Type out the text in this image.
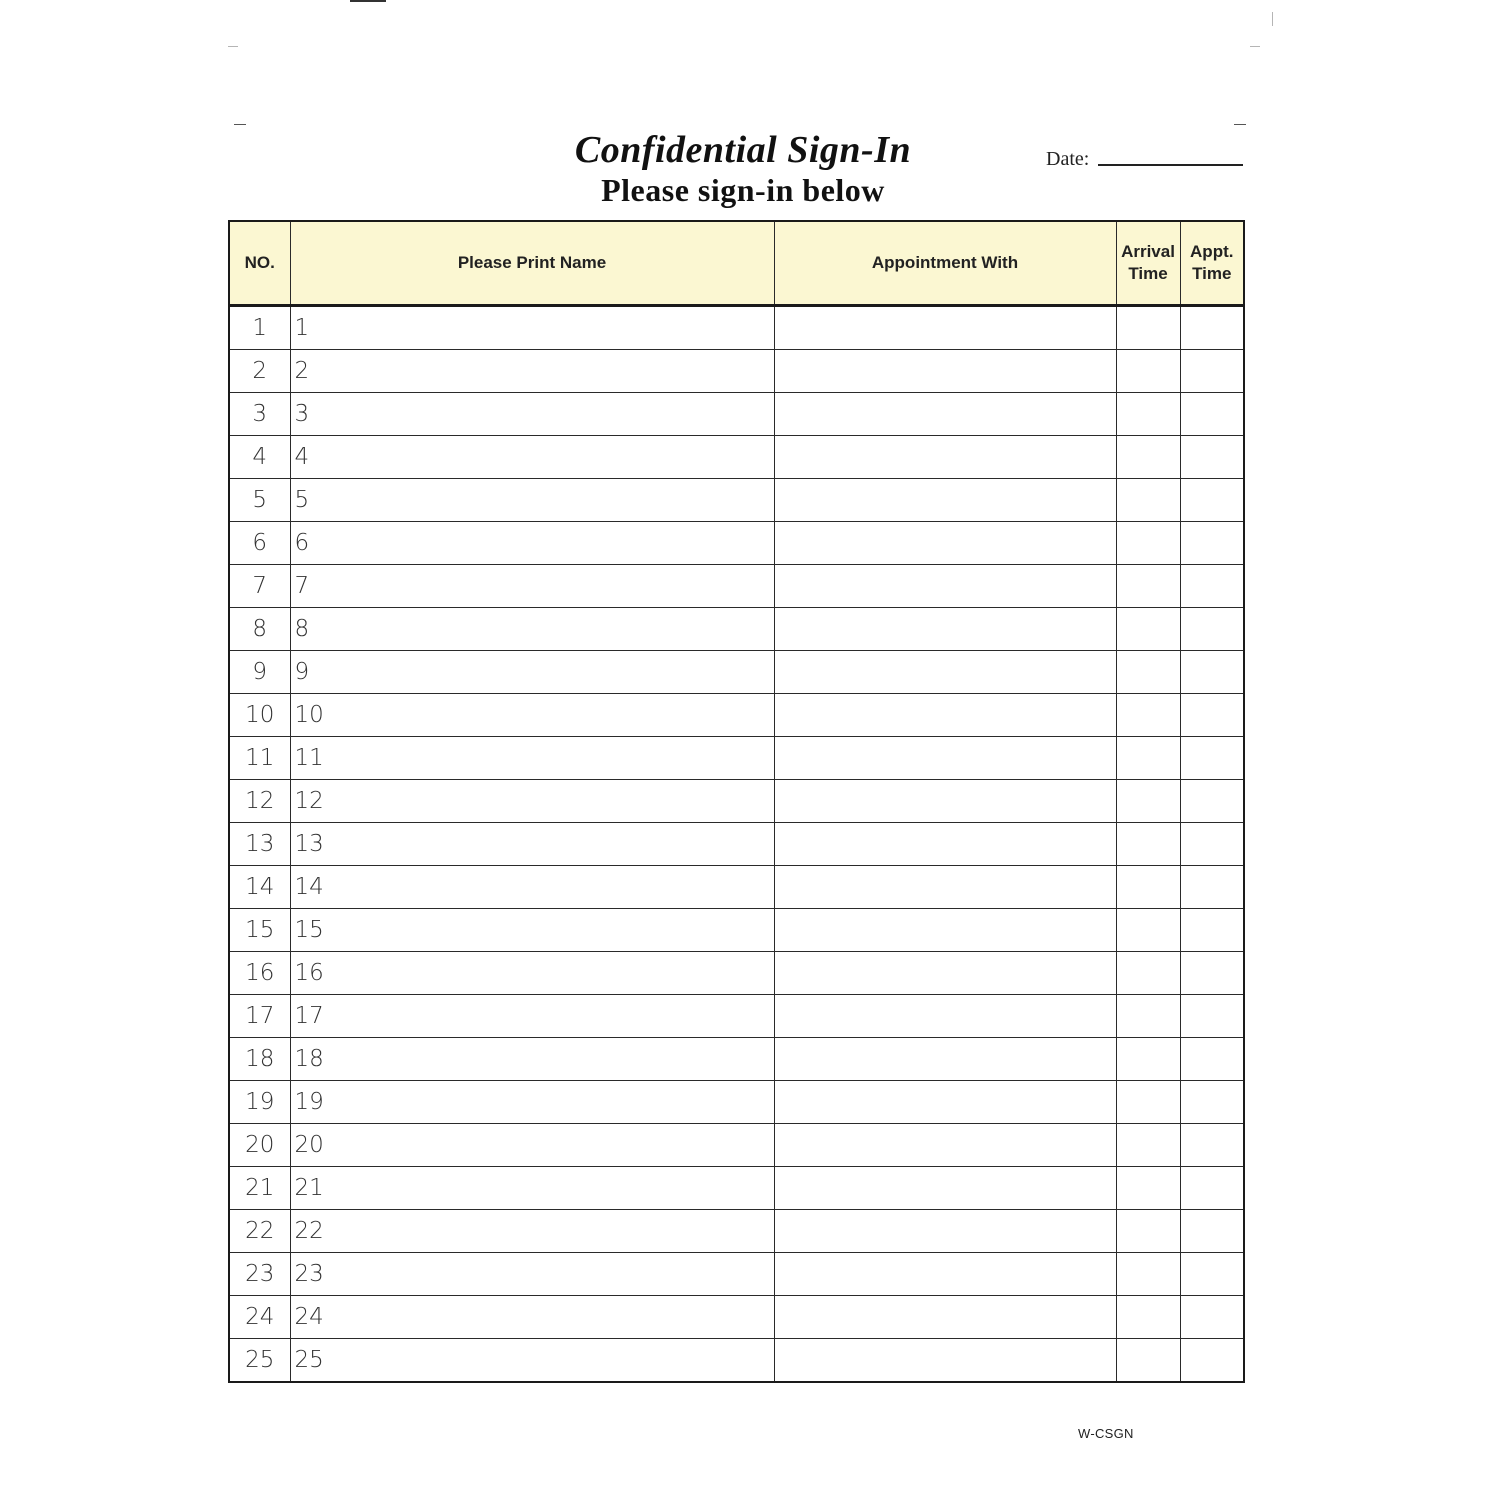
Confidential Sign-In
Please sign-in below
Date:
NO.	Please Print Name	Appointment With	Arrival Time	Appt. Time
1	1			
2	2			
3	3			
4	4			
5	5			
6	6			
7	7			
8	8			
9	9			
10	10			
11	11			
12	12			
13	13			
14	14			
15	15			
16	16			
17	17			
18	18			
19	19			
20	20			
21	21			
22	22			
23	23			
24	24			
25	25			
W-CSGN
